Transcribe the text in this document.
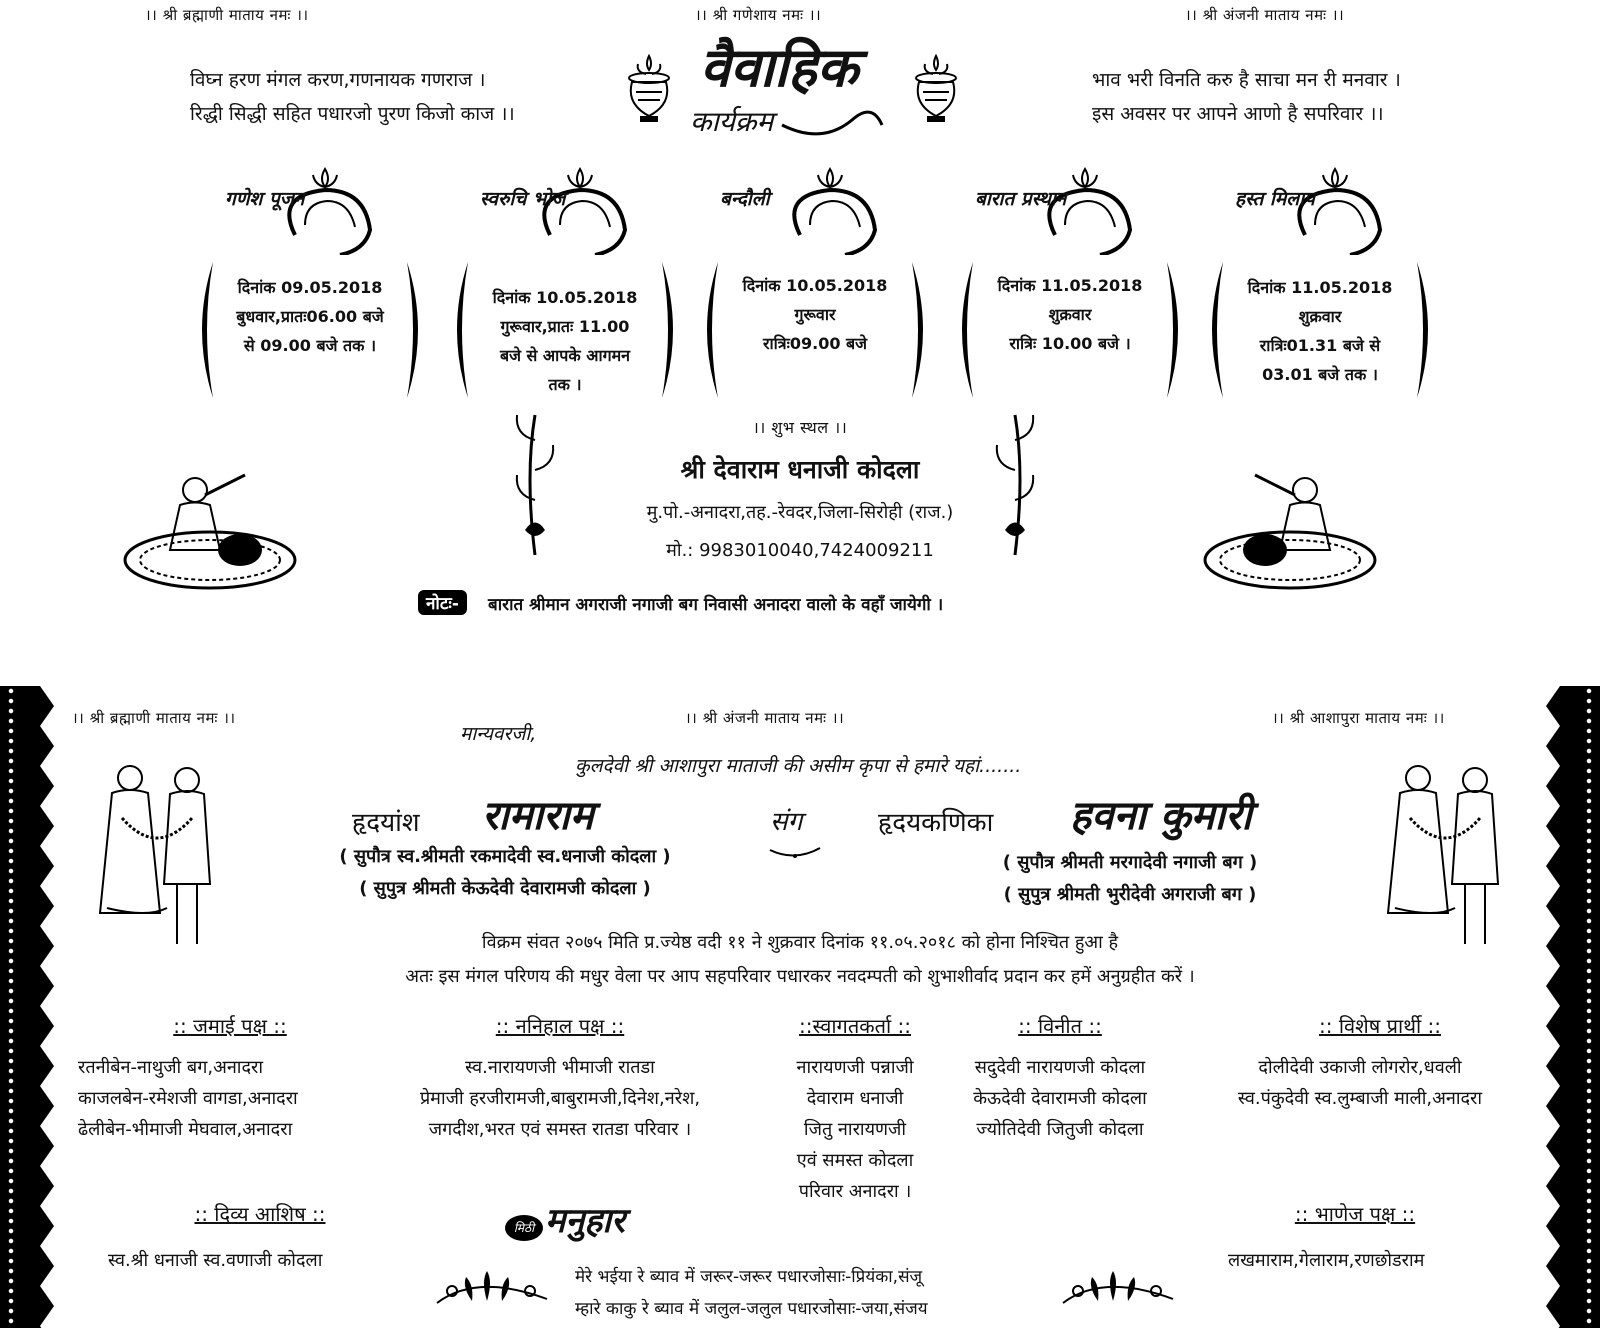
।। श्री ब्रह्माणी माताय नमः ।।	।। श्री गणेशाय नमः ।।	।। श्री अंजनी माताय नमः ।।
विघ्न हरण मंगल करण,गणनायक गणराज ।
रिद्धी सिद्धी सहित पधारजो पुरण किजो काज ।।
भाव भरी विनति करु है साचा मन री मनवार ।
इस अवसर पर आपने आणो है सपरिवार ।।
वैवाहिक
कार्यक्रम
गणेश पूजन
दिनांक 09.05.2018
बुधवार,प्रातः06.00 बजे
से 09.00 बजे तक ।
स्वरुचि भोज
दिनांक 10.05.2018
गुरूवार,प्रातः 11.00
बजे से आपके आगमन
तक ।
बन्दौली
दिनांक 10.05.2018
गुरूवार
रात्रिः09.00 बजे
बारात प्रस्थान
दिनांक 11.05.2018
शुक्रवार
रात्रिः 10.00 बजे ।
हस्त मिलाप
दिनांक 11.05.2018
शुक्रवार
रात्रिः01.31 बजे से
03.01 बजे तक ।
।। शुभ स्थल ।।
श्री देवाराम धनाजी कोदला
मु.पो.-अनादरा,तह.-रेवदर,जिला-सिरोही (राज.)
मो.: 9983010040,7424009211
नोटः-	बारात श्रीमान अगराजी नगाजी बग निवासी अनादरा वालो के वहाँ जायेगी ।
।। श्री ब्रह्माणी माताय नमः ।।	।। श्री अंजनी माताय नमः ।।	।। श्री आशापुरा माताय नमः ।।
मान्यवरजी,
कुलदेवी श्री आशापुरा माताजी की असीम कृपा से हमारे यहां.......
हृदयांश रामाराम
( सुपौत्र स्व.श्रीमती रकमादेवी स्व.धनाजी कोदला )
( सुपुत्र श्रीमती केऊदेवी देवारामजी कोदला )
संग	हृदयकणिका हवना कुमारी
( सुपौत्र श्रीमती मरगादेवी नगाजी बग )
( सुपुत्र श्रीमती भुरीदेवी अगराजी बग )
विक्रम संवत २०७५ मिति प्र.ज्येष्ठ वदी ११ ने शुक्रवार दिनांक ११.०५.२०१८ को होना निश्चित हुआ है
अतः इस मंगल परिणय की मधुर वेला पर आप सहपरिवार पधारकर नवदम्पती को शुभाशीर्वाद प्रदान कर हमें अनुग्रहीत करें ।
:: जमाई पक्ष ::
रतनीबेन-नाथुजी बग,अनादरा
काजलबेन-रमेशजी वागडा,अनादरा
ढेलीबेन-भीमाजी मेघवाल,अनादरा
:: ननिहाल पक्ष ::
स्व.नारायणजी भीमाजी रातडा
प्रेमाजी हरजीरामजी,बाबुरामजी,दिनेश,नरेश,
जगदीश,भरत एवं समस्त रातडा परिवार ।
::स्वागतकर्ता ::
नारायणजी पन्नाजी
देवाराम धनाजी
जितु नारायणजी
एवं समस्त कोदला
परिवार अनादरा ।
:: विनीत ::
सदुदेवी नारायणजी कोदला
केऊदेवी देवारामजी कोदला
ज्योतिदेवी जितुजी कोदला
:: विशेष प्रार्थी ::
दोलीदेवी उकाजी लोगरोर,धवली
स्व.पंकुदेवी स्व.लुम्बाजी माली,अनादरा
:: दिव्य आशिष ::
स्व.श्री धनाजी स्व.वणाजी कोदला
:: भाणेज पक्ष ::
लखमाराम,गेलाराम,रणछोडराम
मिठी मनुहार
मेरे भईया रे ब्याव में जरूर-जरूर पधारजोसाः-प्रियंका,संजू
म्हारे काकु रे ब्याव में जलुल-जलुल पधारजोसाः-जया,संजय
